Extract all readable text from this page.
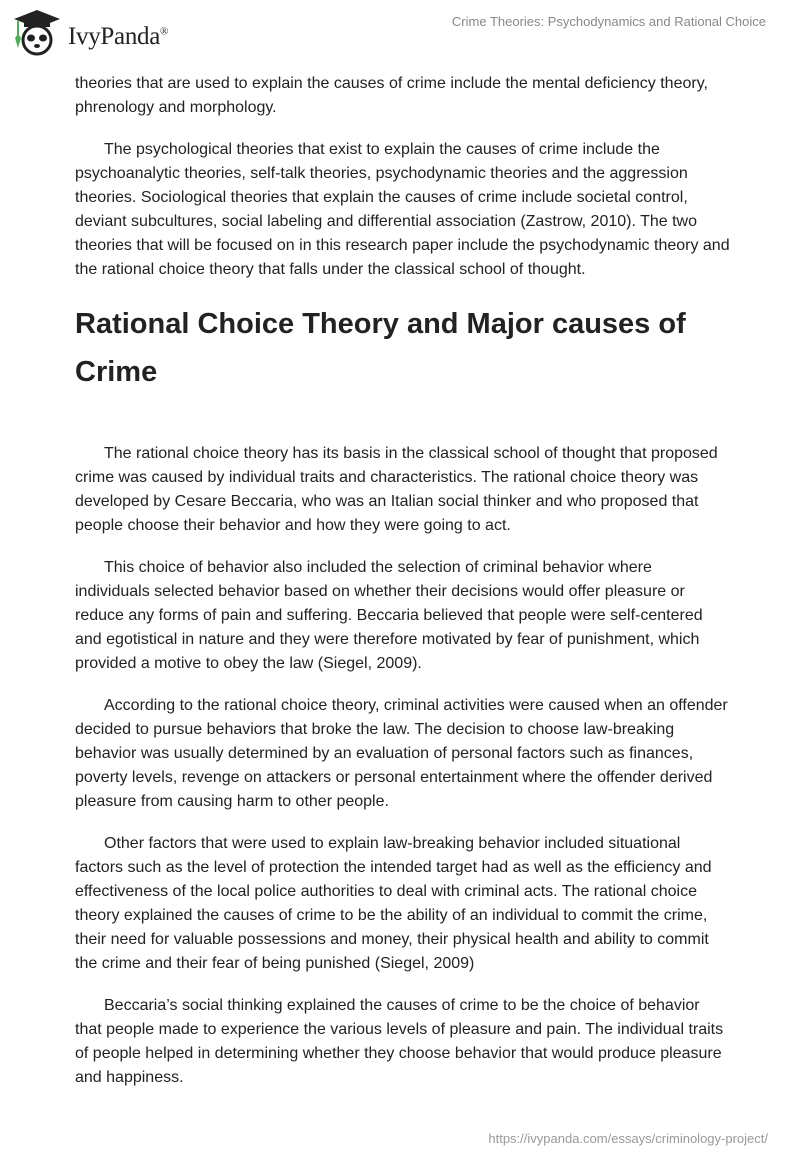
IvyPanda®
Crime Theories: Psychodynamics and Rational Choice

theories that are used to explain the causes of crime include the mental deficiency theory, phrenology and morphology.

The psychological theories that exist to explain the causes of crime include the psychoanalytic theories, self-talk theories, psychodynamic theories and the aggression theories. Sociological theories that explain the causes of crime include societal control, deviant subcultures, social labeling and differential association (Zastrow, 2010). The two theories that will be focused on in this research paper include the psychodynamic theory and the rational choice theory that falls under the classical school of thought.

Rational Choice Theory and Major causes of Crime

The rational choice theory has its basis in the classical school of thought that proposed crime was caused by individual traits and characteristics. The rational choice theory was developed by Cesare Beccaria, who was an Italian social thinker and who proposed that people choose their behavior and how they were going to act.

This choice of behavior also included the selection of criminal behavior where individuals selected behavior based on whether their decisions would offer pleasure or reduce any forms of pain and suffering. Beccaria believed that people were self-centered and egotistical in nature and they were therefore motivated by fear of punishment, which provided a motive to obey the law (Siegel, 2009).

According to the rational choice theory, criminal activities were caused when an offender decided to pursue behaviors that broke the law. The decision to choose law-breaking behavior was usually determined by an evaluation of personal factors such as finances, poverty levels, revenge on attackers or personal entertainment where the offender derived pleasure from causing harm to other people.

Other factors that were used to explain law-breaking behavior included situational factors such as the level of protection the intended target had as well as the efficiency and effectiveness of the local police authorities to deal with criminal acts. The rational choice theory explained the causes of crime to be the ability of an individual to commit the crime, their need for valuable possessions and money, their physical health and ability to commit the crime and their fear of being punished (Siegel, 2009)

Beccaria’s social thinking explained the causes of crime to be the choice of behavior that people made to experience the various levels of pleasure and pain. The individual traits of people helped in determining whether they choose behavior that would produce pleasure and happiness.

https://ivypanda.com/essays/criminology-project/
